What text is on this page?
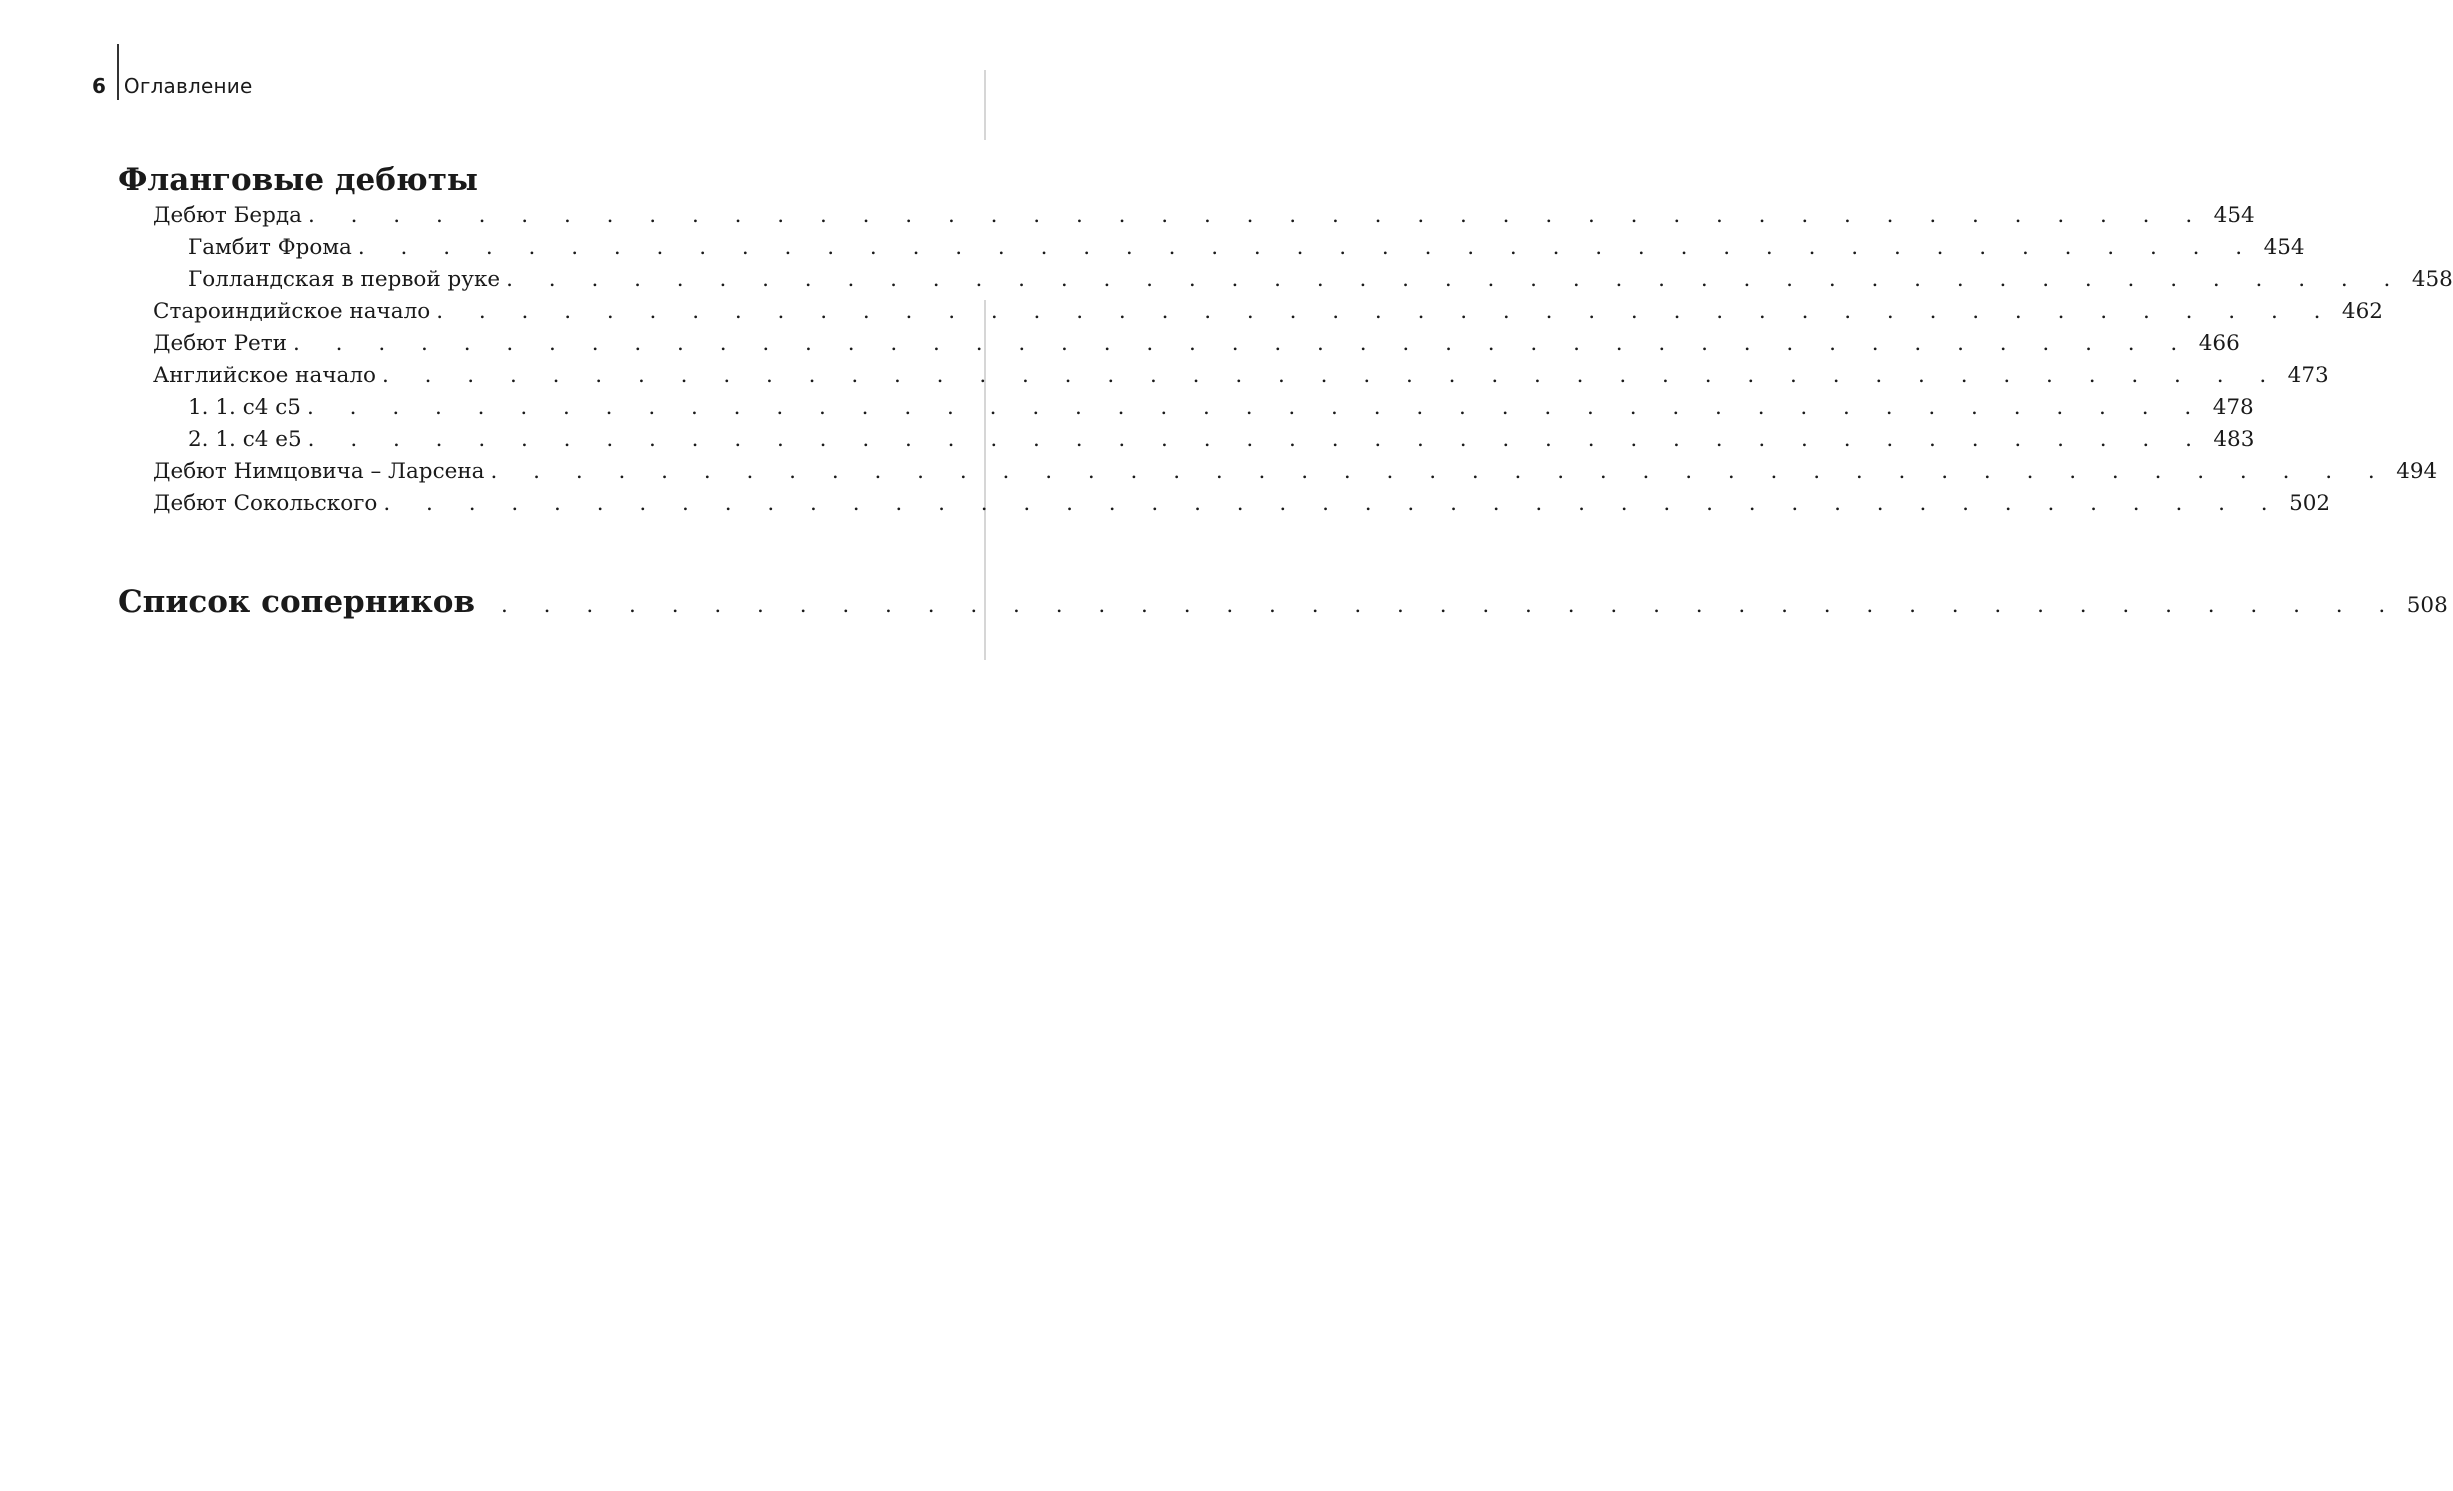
6 Оглавление
Фланговые дебюты
Дебют Берда . . . . . . . . . . . . . . . . . . . . . . . . . . . . . . . . . . . . . . . . . . . . . 454
Гамбит Фрома . . . . . . . . . . . . . . . . . . . . . . . . . . . . . . . . . . . . . . . . . . . . . 454
Голландская в первой руке . . . . . . . . . . . . . . . . . . . . . . . . . . . . . . . . . . . . . . . . . . . . . 458
Староиндийское начало . . . . . . . . . . . . . . . . . . . . . . . . . . . . . . . . . . . . . . . . . . . . . 462
Дебют Рети . . . . . . . . . . . . . . . . . . . . . . . . . . . . . . . . . . . . . . . . . . . . . 466
Английское начало . . . . . . . . . . . . . . . . . . . . . . . . . . . . . . . . . . . . . . . . . . . . . 473
1. 1. c4 c5 . . . . . . . . . . . . . . . . . . . . . . . . . . . . . . . . . . . . . . . . . . . . . 478
2. 1. c4 e5 . . . . . . . . . . . . . . . . . . . . . . . . . . . . . . . . . . . . . . . . . . . . . 483
Дебют Нимцовича – Ларсена . . . . . . . . . . . . . . . . . . . . . . . . . . . . . . . . . . . . . . . . . . . . . 494
Дебют Сокольского . . . . . . . . . . . . . . . . . . . . . . . . . . . . . . . . . . . . . . . . . . . . . 502
Список соперников	. . . . . . . . . . . . . . . . . . . . . . . . . . . . . . . . . . . . . . . . . . . . . 508
